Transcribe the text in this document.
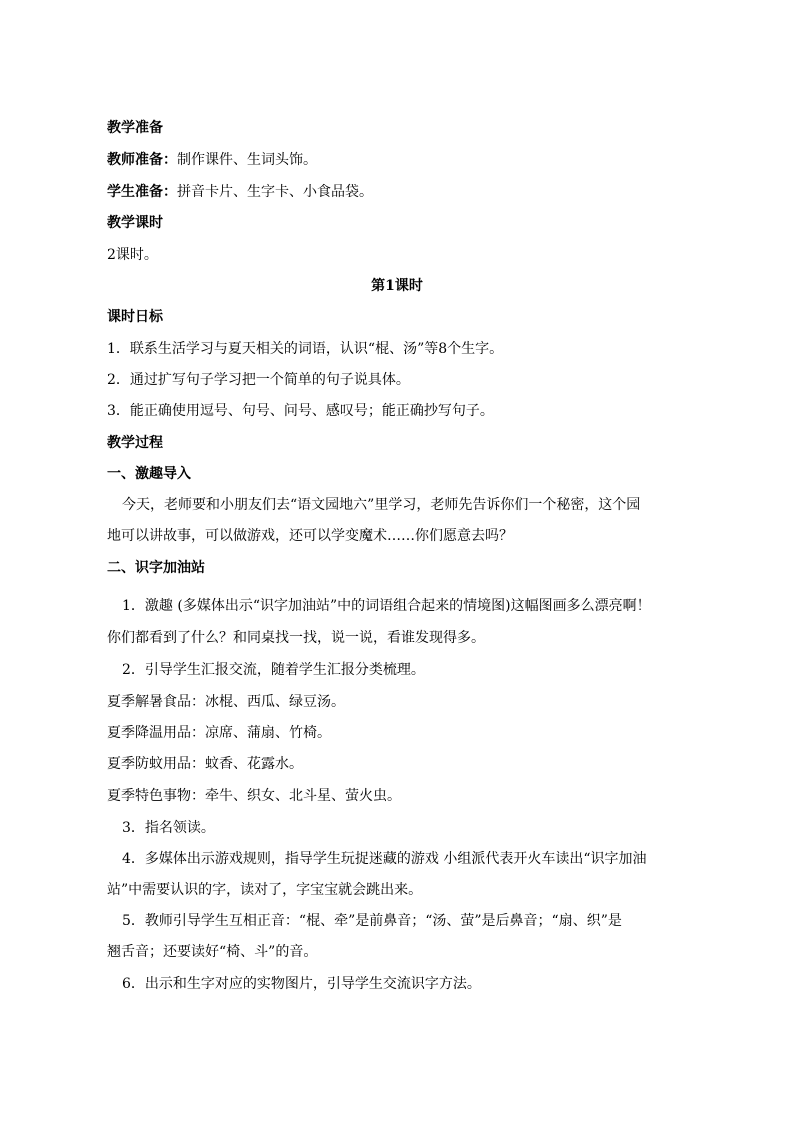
教学准备
教师准备：制作课件、生词头饰。
学生准备：拼音卡片、生字卡、小食品袋。
教学课时
2课时。
第1课时
课时日标
1．联系生活学习与夏天相关的词语，认识“棍、汤”等8个生字。
2．通过扩写句子学习把一个简单的句子说具体。
3．能正确使用逗号、句号、问号、感叹号；能正确抄写句子。
教学过程
一、激趣导入
今天，老师要和小朋友们去“语文园地六”里学习，老师先告诉你们一个秘密，这个园
地可以讲故事，可以做游戏，还可以学变魔术……你们愿意去吗？
二、识字加油站
1．激趣 (多媒体出示“识字加油站”中的词语组合起来的情境图)这幅图画多么漂亮啊！
你们都看到了什么？和同桌找一找，说一说，看谁发现得多。
2．引导学生汇报交流，随着学生汇报分类梳理。
夏季解暑食品：冰棍、西瓜、绿豆汤。
夏季降温用品：凉席、蒲扇、竹椅。
夏季防蚊用品：蚊香、花露水。
夏季特色事物：牵牛、织女、北斗星、萤火虫。
3．指名领读。
4．多媒体出示游戏规则，指导学生玩捉迷藏的游戏 小组派代表开火车读出“识字加油
站”中需要认识的字，读对了，字宝宝就会跳出来。
5．教师引导学生互相正音：“棍、牵”是前鼻音；“汤、萤”是后鼻音；“扇、织”是
翘舌音；还要读好“椅、斗”的音。
6．出示和生字对应的实物图片，引导学生交流识字方法。
